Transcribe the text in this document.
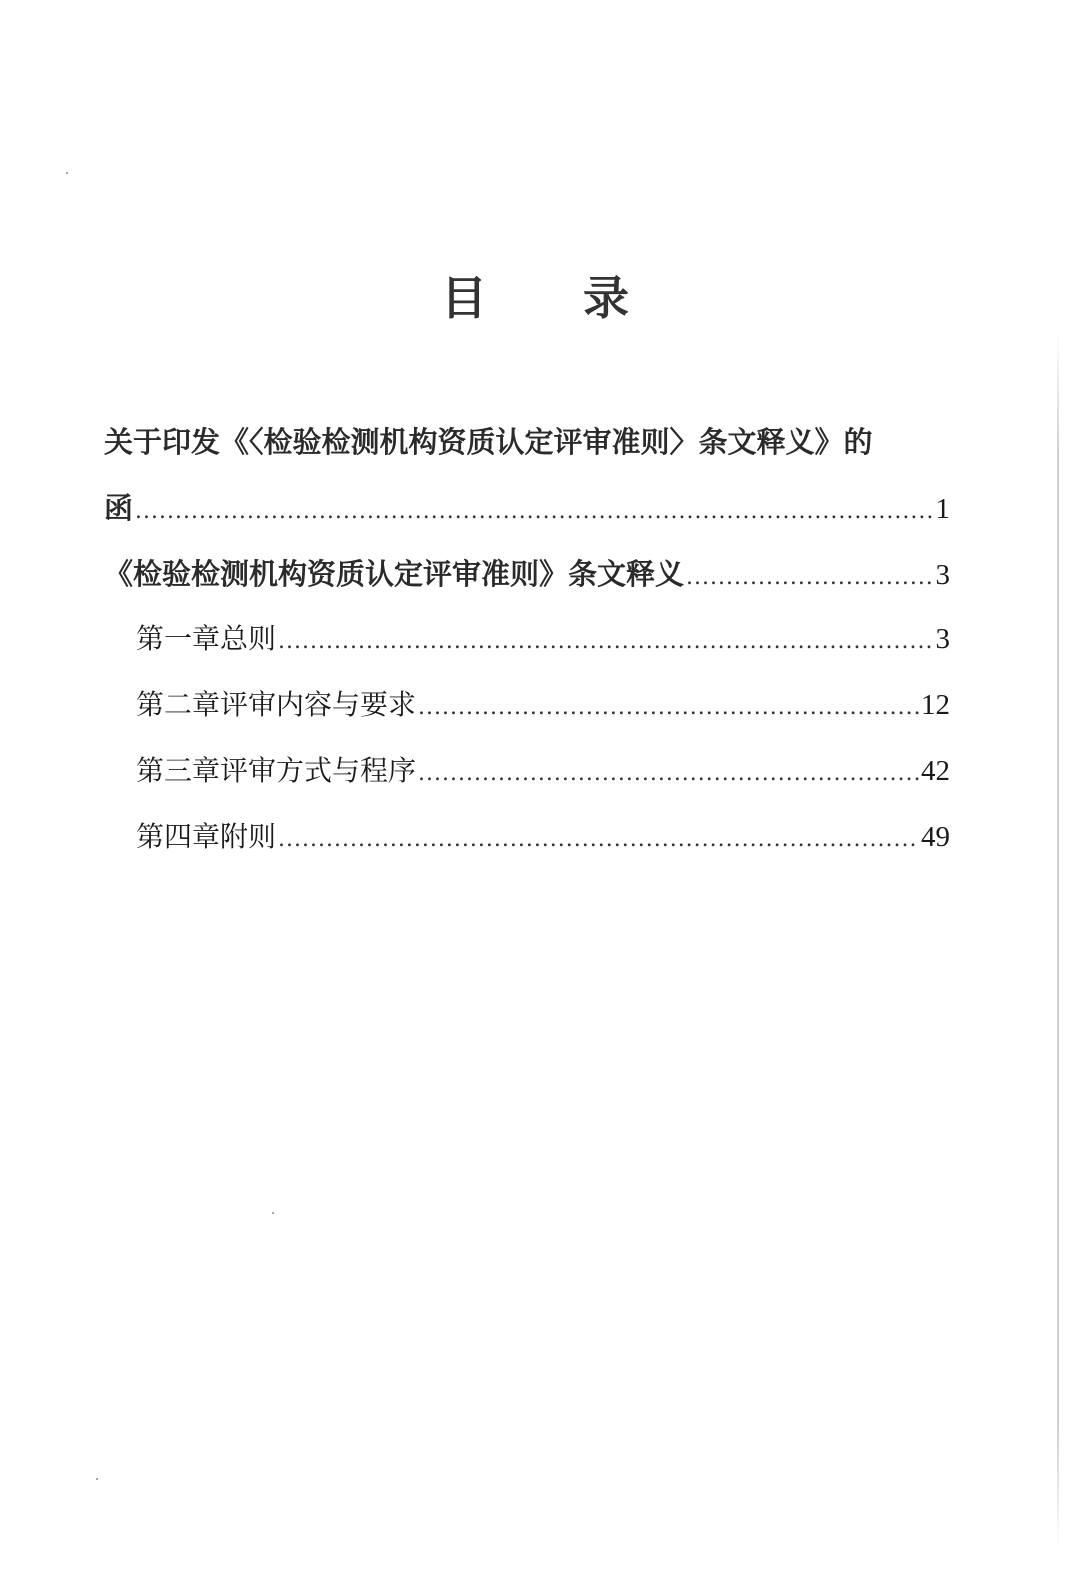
目 录
关于印发《〈检验检测机构资质认定评审准则〉条文释义》的
函 .....	1
《检验检测机构资质认定评审准则》条文释义 .....	3
第一章 总则 .....	3
第二章 评审内容与要求 .....	12
第三章 评审方式与程序 .....	42
第四章 附则 .....	49
